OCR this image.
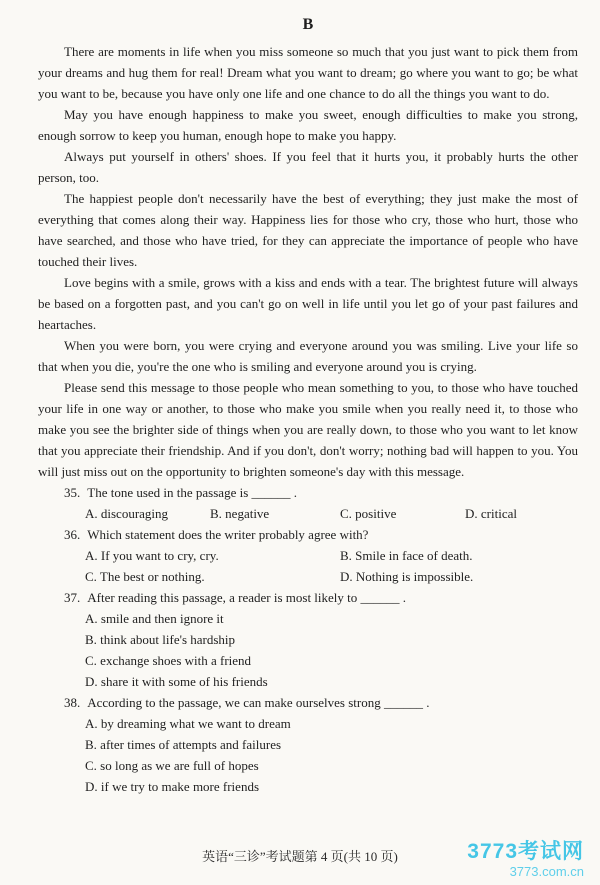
B

There are moments in life when you miss someone so much that you just want to pick them from your dreams and hug them for real! Dream what you want to dream; go where you want to go; be what you want to be, because you have only one life and one chance to do all the things you want to do.

May you have enough happiness to make you sweet, enough difficulties to make you strong, enough sorrow to keep you human, enough hope to make you happy.

Always put yourself in others' shoes. If you feel that it hurts you, it probably hurts the other person, too.

The happiest people don't necessarily have the best of everything; they just make the most of everything that comes along their way. Happiness lies for those who cry, those who hurt, those who have searched, and those who have tried, for they can appreciate the importance of people who have touched their lives.

Love begins with a smile, grows with a kiss and ends with a tear. The brightest future will always be based on a forgotten past, and you can't go on well in life until you let go of your past failures and heartaches.

When you were born, you were crying and everyone around you was smiling. Live your life so that when you die, you're the one who is smiling and everyone around you is crying.

Please send this message to those people who mean something to you, to those who have touched your life in one way or another, to those who make you smile when you really need it, to those who make you see the brighter side of things when you are really down, to those who you want to let know that you appreciate their friendship. And if you don't, don't worry; nothing bad will happen to you. You will just miss out on the opportunity to brighten someone's day with this message.

35. The tone used in the passage is ______ .
A. discouraging	B. negative	C. positive	D. critical
36. Which statement does the writer probably agree with?
A. If you want to cry, cry.	B. Smile in face of death.
C. The best or nothing.	D. Nothing is impossible.
37. After reading this passage, a reader is most likely to ______ .
A. smile and then ignore it
B. think about life's hardship
C. exchange shoes with a friend
D. share it with some of his friends
38. According to the passage, we can make ourselves strong ______ .
A. by dreaming what we want to dream
B. after times of attempts and failures
C. so long as we are full of hopes
D. if we try to make more friends
英语“三诊”考试题第 4 页(共 10 页)	3773考试网
3773.com.cn
